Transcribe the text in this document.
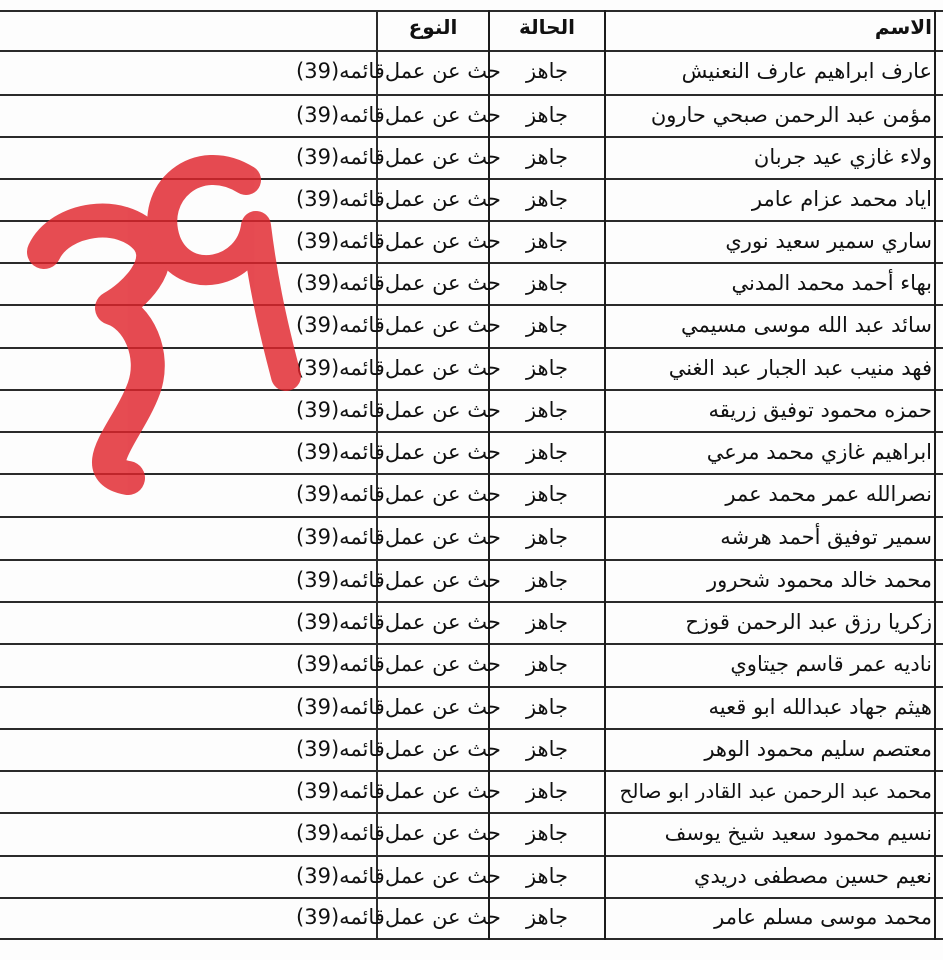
الاسم
الحالة
النوع
عارف ابراهيم عارف النعنيش
جاهز
قائمه(39)حث عن عمل
مؤمن عبد الرحمن صبحي حارون
جاهز
قائمه(39)حث عن عمل
ولاء غازي عيد جربان
جاهز
قائمه(39)حث عن عمل
اياد محمد عزام عامر
جاهز
قائمه(39)حث عن عمل
ساري سمير سعيد نوري
جاهز
قائمه(39)حث عن عمل
بهاء أحمد محمد المدني
جاهز
قائمه(39)حث عن عمل
سائد عبد الله موسى مسيمي
جاهز
قائمه(39)حث عن عمل
فهد منيب عبد الجبار عبد الغني
جاهز
قائمه(39)حث عن عمل
حمزه محمود توفيق زريقه
جاهز
قائمه(39)حث عن عمل
ابراهيم غازي محمد مرعي
جاهز
قائمه(39)حث عن عمل
نصرالله عمر محمد عمر
جاهز
قائمه(39)حث عن عمل
سمير توفيق أحمد هرشه
جاهز
قائمه(39)حث عن عمل
محمد خالد محمود شحرور
جاهز
قائمه(39)حث عن عمل
زكريا رزق عبد الرحمن قوزح
جاهز
قائمه(39)حث عن عمل
ناديه عمر قاسم جيتاوي
جاهز
قائمه(39)حث عن عمل
هيثم جهاد عبدالله ابو قعيه
جاهز
قائمه(39)حث عن عمل
معتصم سليم محمود الوهر
جاهز
قائمه(39)حث عن عمل
محمد عبد الرحمن عبد القادر ابو صالح
جاهز
قائمه(39)حث عن عمل
نسيم محمود سعيد شيخ يوسف
جاهز
قائمه(39)حث عن عمل
نعيم حسين مصطفى دريدي
جاهز
قائمه(39)حث عن عمل
محمد موسى مسلم عامر
جاهز
قائمه(39)حث عن عمل
